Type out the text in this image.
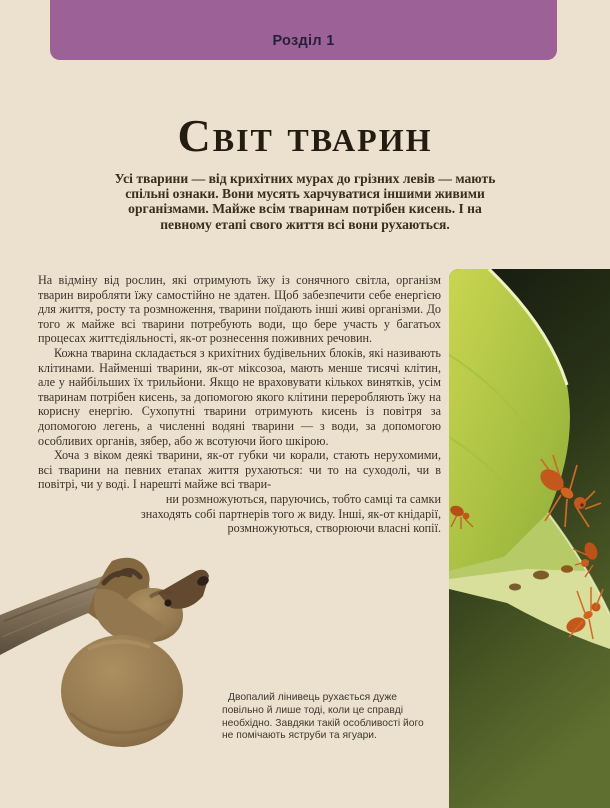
Розділ 1
Світ тварин

Усі тварини — від крихітних мурах до грізних левів — мають спільні ознаки. Вони мусять харчуватися іншими живими організмами. Майже всім тваринам потрібен кисень. І на певному етапі свого життя всі вони рухаються.

На відміну від рослин, які отримують їжу із сонячного світла, організм тварин виробляти їжу самостійно не здатен. Щоб забезпечити себе енергією для життя, росту та розмноження, тварини поїдають інші живі організми. До того ж майже всі тварини потребують води, що бере участь у багатьох процесах життєдіяльності, як-от рознесення поживних речовин.

Кожна тварина складається з крихітних будівельних блоків, які називають клітинами. Найменші тварини, як-от міксозоа, мають менше тисячі клітин, але у найбільших їх трильйони. Якщо не враховувати кількох винятків, усім тваринам потрібен кисень, за допомогою якого клітини переробляють їжу на корисну енергію. Сухопутні тварини отримують кисень із повітря за допомогою легень, а численні водяні тварини — з води, за допомогою особливих органів, зябер, або ж всотуючи його шкірою.

Хоча з віком деякі тварини, як-от губки чи корали, стають нерухомими, всі тварини на певних етапах життя рухаються: чи то на суходолі, чи в повітрі, чи у воді. І нарешті майже всі твари-

ни розмножуються, паруючись, тобто самці та самки знаходять собі партнерів того ж виду. Інші, як-от кнідарії, розмножуються, створюючи власні копії.

Двопалий лінивець рухається дуже повільно й лише тоді, коли це справді необхідно. Завдяки такій особливості його не помічають яструби та ягуари.
